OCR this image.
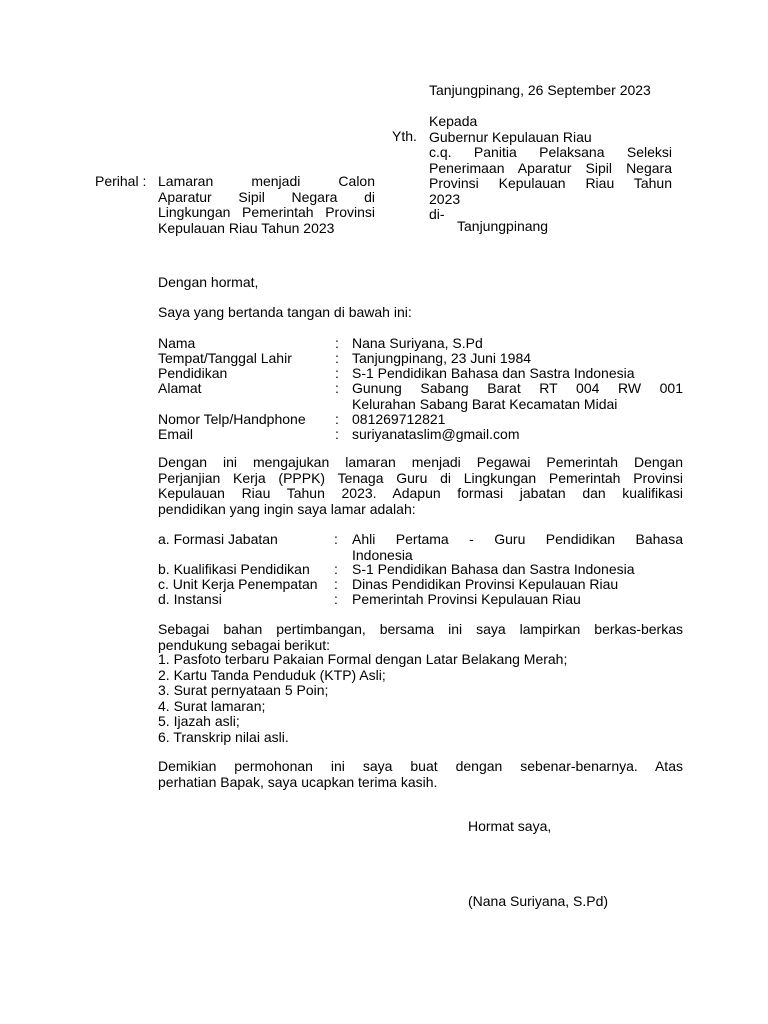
Tanjungpinang, 26 September 2023
Yth.
Kepada
Gubernur Kepulauan Riau
c.q. Panitia Pelaksana Seleksi
Penerimaan Aparatur Sipil Negara
Provinsi Kepulauan Riau Tahun
2023
di-
Tanjungpinang
Perihal : Lamaran menjadi Calon
Aparatur Sipil Negara di
Lingkungan Pemerintah Provinsi
Kepulauan Riau Tahun 2023
Dengan hormat,
Saya yang bertanda tangan di bawah ini:
Nama	: Nana Suriyana, S.Pd
Tempat/Tanggal Lahir	: Tanjungpinang, 23 Juni 1984
Pendidikan	: S-1 Pendidikan Bahasa dan Sastra Indonesia
Alamat	: Gunung Sabang Barat RT 004 RW 001
Kelurahan Sabang Barat Kecamatan Midai
Nomor Telp/Handphone : 081269712821
Email	: suriyanataslim@gmail.com
Dengan ini mengajukan lamaran menjadi Pegawai Pemerintah Dengan
Perjanjian Kerja (PPPK) Tenaga Guru di Lingkungan Pemerintah Provinsi
Kepulauan Riau Tahun 2023. Adapun formasi jabatan dan kualifikasi
pendidikan yang ingin saya lamar adalah:
a. Formasi Jabatan	: Ahli Pertama - Guru Pendidikan Bahasa
Indonesia
b. Kualifikasi Pendidikan : S-1 Pendidikan Bahasa dan Sastra Indonesia
c. Unit Kerja Penempatan : Dinas Pendidikan Provinsi Kepulauan Riau
d. Instansi	: Pemerintah Provinsi Kepulauan Riau
Sebagai bahan pertimbangan, bersama ini saya lampirkan berkas-berkas
pendukung sebagai berikut:
1. Pasfoto terbaru Pakaian Formal dengan Latar Belakang Merah;
2. Kartu Tanda Penduduk (KTP) Asli;
3. Surat pernyataan 5 Poin;
4. Surat lamaran;
5. Ijazah asli;
6. Transkrip nilai asli.
Demikian permohonan ini saya buat dengan sebenar-benarnya. Atas
perhatian Bapak, saya ucapkan terima kasih.
Hormat saya,
(Nana Suriyana, S.Pd)
